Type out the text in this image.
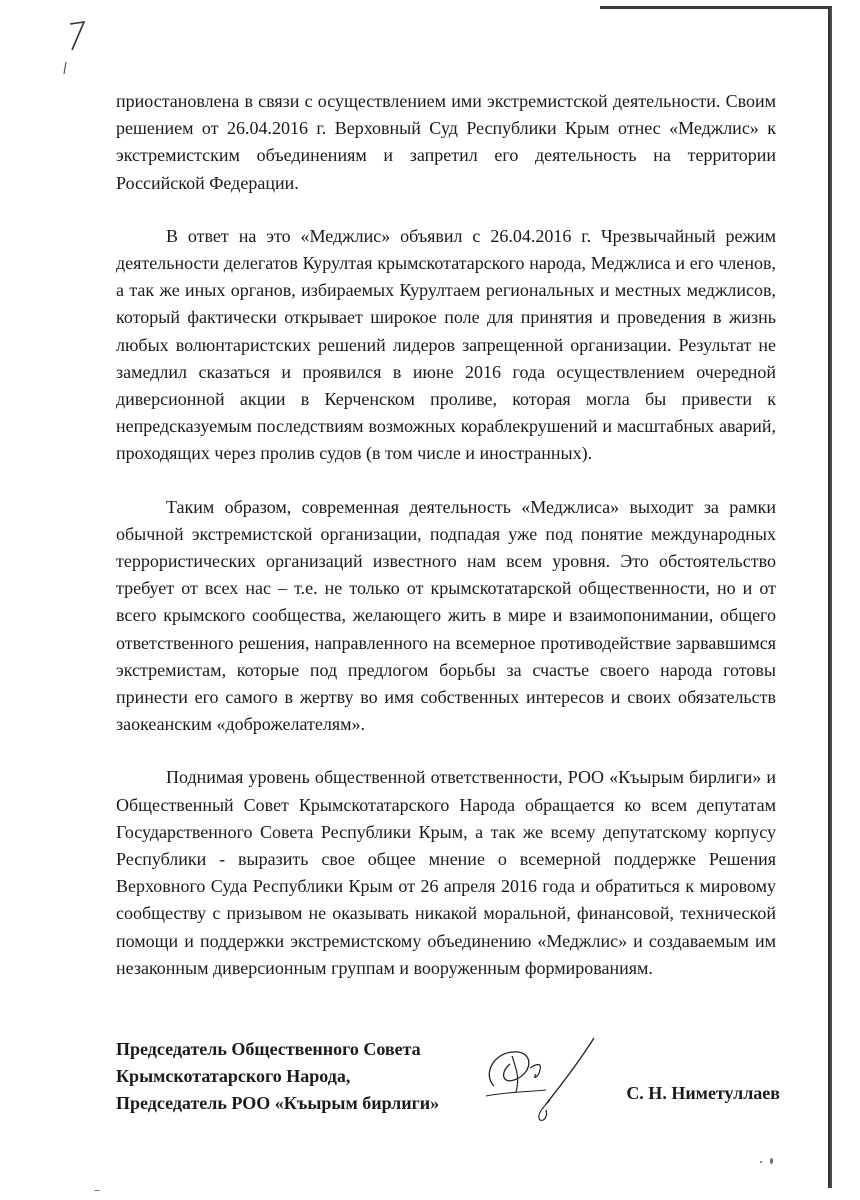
приостановлена в связи с осуществлением ими экстремистской деятельности. Своим решением от 26.04.2016 г. Верховный Суд Республики Крым отнес «Меджлис» к экстремистским объединениям и запретил его деятельность на территории Российской Федерации.

В ответ на это «Меджлис» объявил с 26.04.2016 г. Чрезвычайный режим деятельности делегатов Курултая крымскотатарского народа, Меджлиса и его членов, а так же иных органов, избираемых Курултаем региональных и местных меджлисов, который фактически открывает широкое поле для принятия и проведения в жизнь любых волюнтаристских решений лидеров запрещенной организации. Результат не замедлил сказаться и проявился в июне 2016 года осуществлением очередной диверсионной акции в Керченском проливе, которая могла бы привести к непредсказуемым последствиям возможных кораблекрушений и масштабных аварий, проходящих через пролив судов (в том числе и иностранных).

Таким образом, современная деятельность «Меджлиса» выходит за рамки обычной экстремистской организации, подпадая уже под понятие международных террористических организаций известного нам всем уровня. Это обстоятельство требует от всех нас – т.е. не только от крымскотатарской общественности, но и от всего крымского сообщества, желающего жить в мире и взаимопонимании, общего ответственного решения, направленного на всемерное противодействие зарвавшимся экстремистам, которые под предлогом борьбы за счастье своего народа готовы принести его самого в жертву во имя собственных интересов и своих обязательств заокеанским «доброжелателям».

Поднимая уровень общественной ответственности, РОО «Къырым бирлиги» и Общественный Совет Крымскотатарского Народа обращается ко всем депутатам Государственного Совета Республики Крым, а так же всему депутатскому корпусу Республики - выразить свое общее мнение о всемерной поддержке Решения Верховного Суда Республики Крым от 26 апреля 2016 года и обратиться к мировому сообществу с призывом не оказывать никакой моральной, финансовой, технической помощи и поддержки экстремистскому объединению «Меджлис» и создаваемым им незаконным диверсионным группам и вооруженным формированиям.

Председатель Общественного Совета
Крымскотатарского Народа,
Председатель РОО «Къырым бирлиги»	С. Н. Ниметуллаев
